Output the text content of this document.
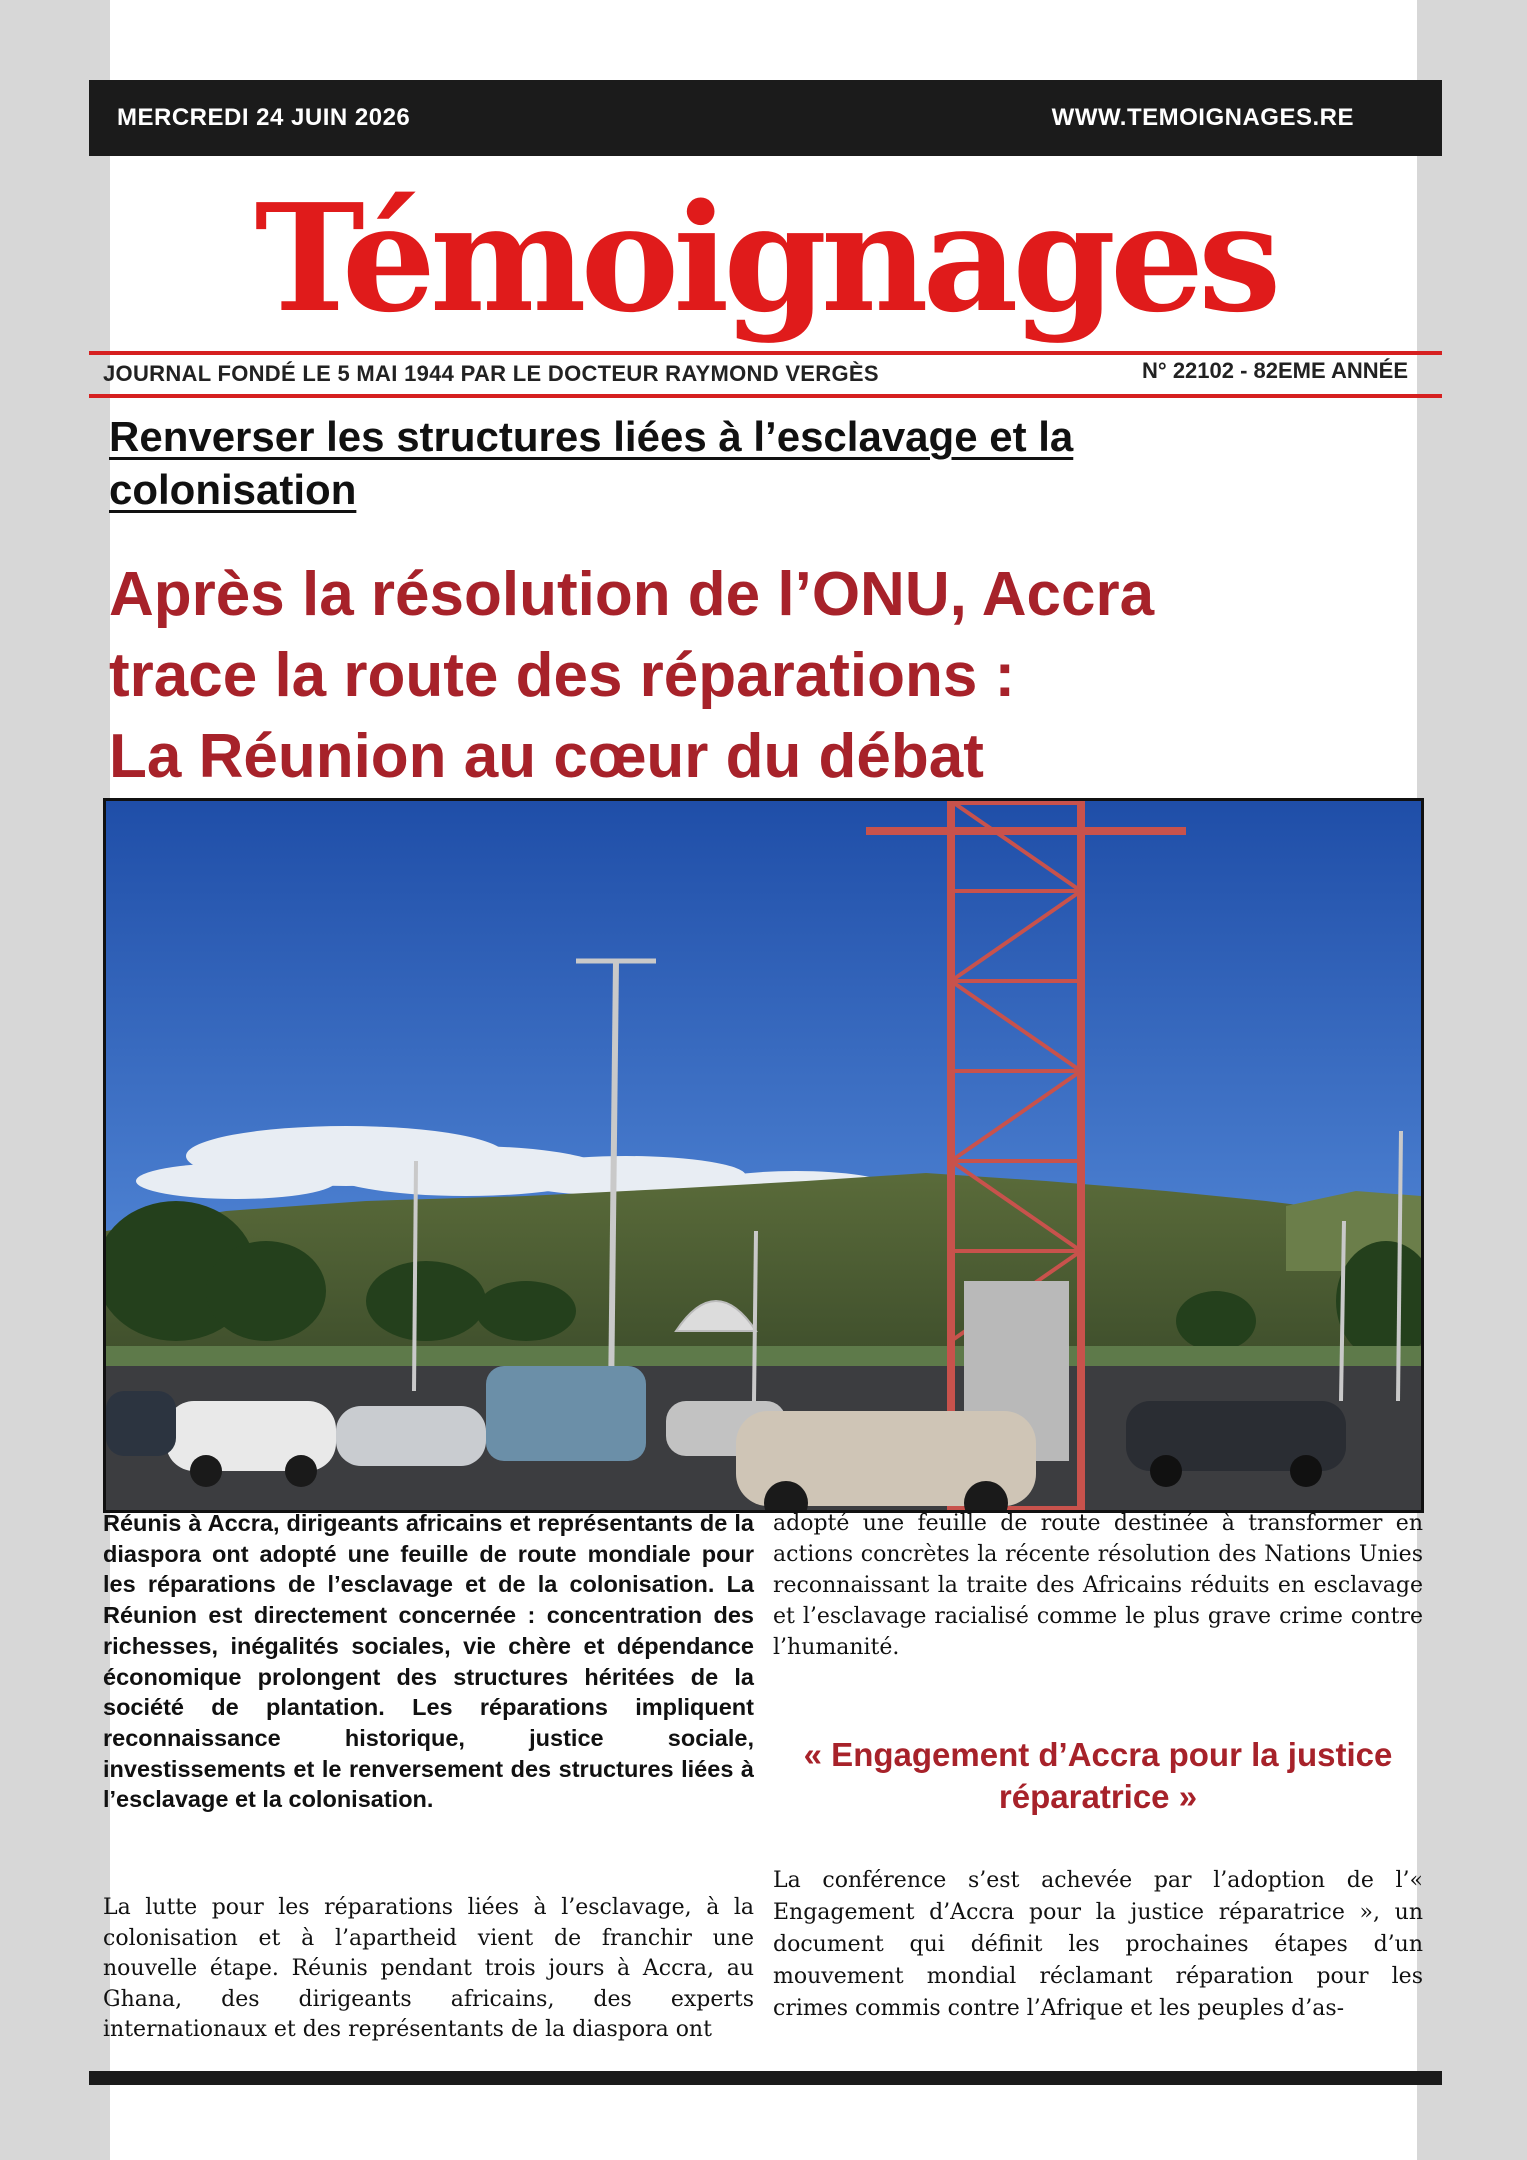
MERCREDI 24 JUIN 2026	WWW.TEMOIGNAGES.RE
Témoignages
JOURNAL FONDÉ LE 5 MAI 1944 PAR LE DOCTEUR RAYMOND VERGÈS	N° 22102 - 82EME ANNÉE
Renverser les structures liées à l’esclavage et la colonisation
Après la résolution de l’ONU, Accra
trace la route des réparations :
La Réunion au cœur du débat
Réunis à Accra, dirigeants africains et représentants de la diaspora ont adopté une feuille de route mondiale pour les réparations de l’esclavage et de la colonisation. La Réunion est directement concernée : concentration des richesses, inégalités sociales, vie chère et dépendance économique prolongent des structures héritées de la société de plantation. Les réparations impliquent reconnaissance historique, justice sociale, investissements et le renversement des structures liées à l’esclavage et la colonisation.
La lutte pour les réparations liées à l’esclavage, à la colonisation et à l’apartheid vient de franchir une nouvelle étape. Réunis pendant trois jours à Accra, au Ghana, des dirigeants africains, des experts internationaux et des représentants de la diaspora ont
adopté une feuille de route destinée à transformer en actions concrètes la récente résolution des Nations Unies reconnaissant la traite des Africains réduits en esclavage et l’esclavage racialisé comme le plus grave crime contre l’humanité.
« Engagement d’Accra pour la justice réparatrice »
La conférence s’est achevée par l’adoption de l’« Engagement d’Accra pour la justice réparatrice », un document qui définit les prochaines étapes d’un mouvement mondial réclamant réparation pour les crimes commis contre l’Afrique et les peuples d’as-
